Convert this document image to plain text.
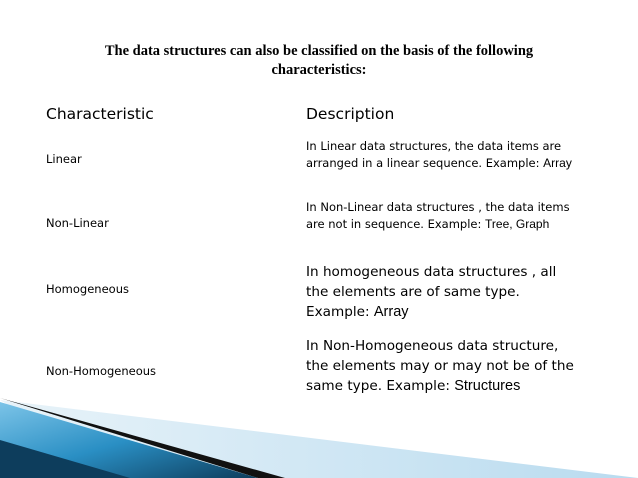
The data structures can also be classified on the basis of the following characteristics:
Characteristic	Description
Linear
In Linear data structures, the data items are arranged in a linear sequence. Example: Array
Non-Linear
In Non-Linear data structures , the data items are not in sequence. Example: Tree, Graph
Homogeneous
In homogeneous data structures , all the elements are of same type. Example: Array
Non-Homogeneous
In Non-Homogeneous data structure, the elements may or may not be of the same type. Example: Structures
